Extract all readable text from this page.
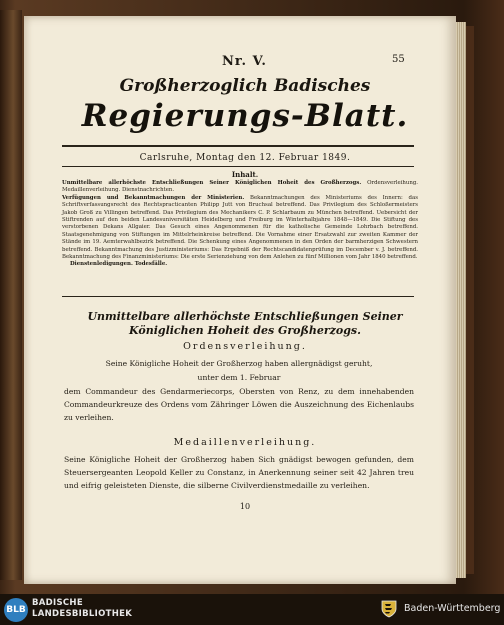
Nr. V.	55
Großherzoglich Badisches
Regierungs-Blatt.
Carlsruhe, Montag den 12. Februar 1849.
Inhalt.
Unmittelbare allerhöchste Entschließungen Seiner Königlichen Hoheit des Großherzogs. Ordensverleihung. Medaillenverleihung. Dienstnachrichten.
Verfügungen und Bekanntmachungen der Ministerien. Bekanntmachungen des Ministeriums des Innern: das Schriftverfassungsrecht des Rechtspracticanten Philipp Jutt von Bruchsal betreffend. Das Privilegium des Schloßermeisters Jakob Groß zu Villingen betreffend. Das Privilegium des Mechanikers C. P. Schlarbaum zu München betreffend. Uebersicht der Stiftrenden auf den beiden Landesuniversitäten Heidelberg und Freiburg im Winterhalbjahre 1848—1849. Die Stiftung des verstorbenen Dekans Allgaier. Das Gesuch eines Angenommenen für die katholische Gemeinde Lohrbach betreffend. Staatsgenehmigung von Stiftungen im Mittelrheinkreise betreffend. Die Vornahme einer Ersatzwahl zur zweiten Kammer der Stände im 19. Aemterwahlbezirk betreffend. Die Schenkung eines Angenommenen in den Orden der barmherzigen Schwestern betreffend. Bekanntmachung des Justizministeriums: Das Ergebniß der Rechtscandidatenprüfung im December v. J. betreffend. Bekanntmachung des Finanzministeriums: Die erste Serienziehung von dem Anlehen zu fünf Millionen vom Jahr 1840 betreffend.
Dienstenledigungen. Todesfälle.
Unmittelbare allerhöchste Entschließungen Seiner Königlichen Hoheit des Großherzogs.
Ordensverleihung.
Seine Königliche Hoheit der Großherzog haben allergnädigst geruht,
unter dem 1. Februar
dem Commandeur des Gendarmeriecorps, Obersten von Renz, zu dem innehabenden Commandeurkreuze des Ordens vom Zähringer Löwen die Auszeichnung des Eichenlaubs zu verleihen.
Medaillenverleihung.
Seine Königliche Hoheit der Großherzog haben Sich gnädigst bewogen gefunden, dem Steuersergeanten Leopold Keller zu Constanz, in Anerkennung seiner seit 42 Jahren treu und eifrig geleisteten Dienste, die silberne Civilverdienstmedaille zu verleihen.
10
BLB
BADISCHE
LANDESBIBLIOTHEK	Baden-Württemberg
